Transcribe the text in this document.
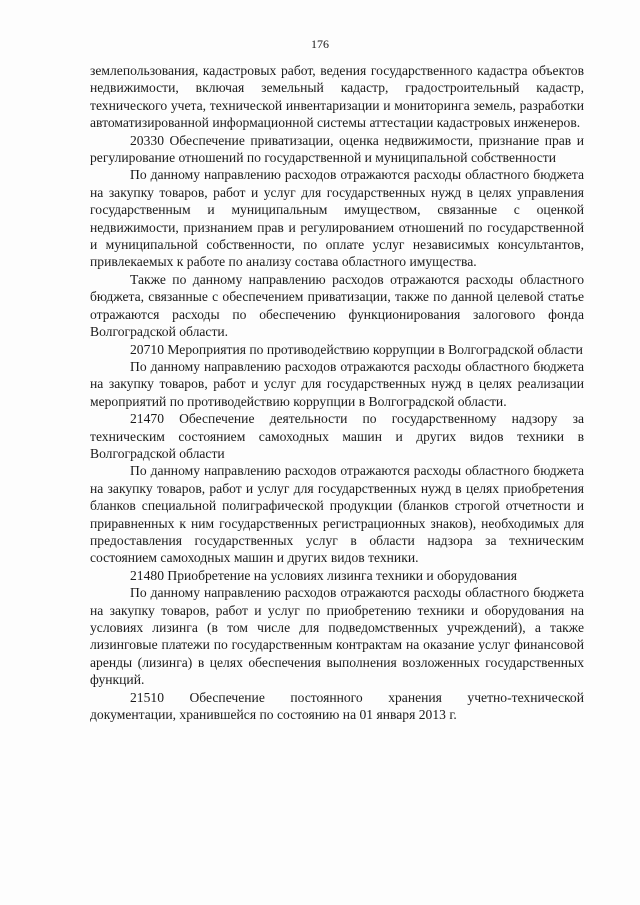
176

землепользования, кадастровых работ, ведения государственного кадастра объектов недвижимости, включая земельный кадастр, градостроительный кадастр, технического учета, технической инвентаризации и мониторинга земель, разработки автоматизированной информационной системы аттестации кадастровых инженеров.

20330 Обеспечение приватизации, оценка недвижимости, признание прав и регулирование отношений по государственной и муниципальной собственности

По данному направлению расходов отражаются расходы областного бюджета на закупку товаров, работ и услуг для государственных нужд в целях управления государственным и муниципальным имуществом, связанные с оценкой недвижимости, признанием прав и регулированием отношений по государственной и муниципальной собственности, по оплате услуг независимых консультантов, привлекаемых к работе по анализу состава областного имущества.

Также по данному направлению расходов отражаются расходы областного бюджета, связанные с обеспечением приватизации, также по данной целевой статье отражаются расходы по обеспечению функционирования залогового фонда Волгоградской области.

20710 Мероприятия по противодействию коррупции в Волгоградской области

По данному направлению расходов отражаются расходы областного бюджета на закупку товаров, работ и услуг для государственных нужд в целях реализации мероприятий по противодействию коррупции в Волгоградской области.

21470 Обеспечение деятельности по государственному надзору за техническим состоянием самоходных машин и других видов техники в Волгоградской области

По данному направлению расходов отражаются расходы областного бюджета на закупку товаров, работ и услуг для государственных нужд в целях приобретения бланков специальной полиграфической продукции (бланков строгой отчетности и приравненных к ним государственных регистрационных знаков), необходимых для предоставления государственных услуг в области надзора за техническим состоянием самоходных машин и других видов техники.

21480 Приобретение на условиях лизинга техники и оборудования

По данному направлению расходов отражаются расходы областного бюджета на закупку товаров, работ и услуг по приобретению техники и оборудования на условиях лизинга (в том числе для подведомственных учреждений), а также лизинговые платежи по государственным контрактам на оказание услуг финансовой аренды (лизинга) в целях обеспечения выполнения возложенных государственных функций.

21510 Обеспечение постоянного хранения учетно-технической документации, хранившейся по состоянию на 01 января 2013 г.
